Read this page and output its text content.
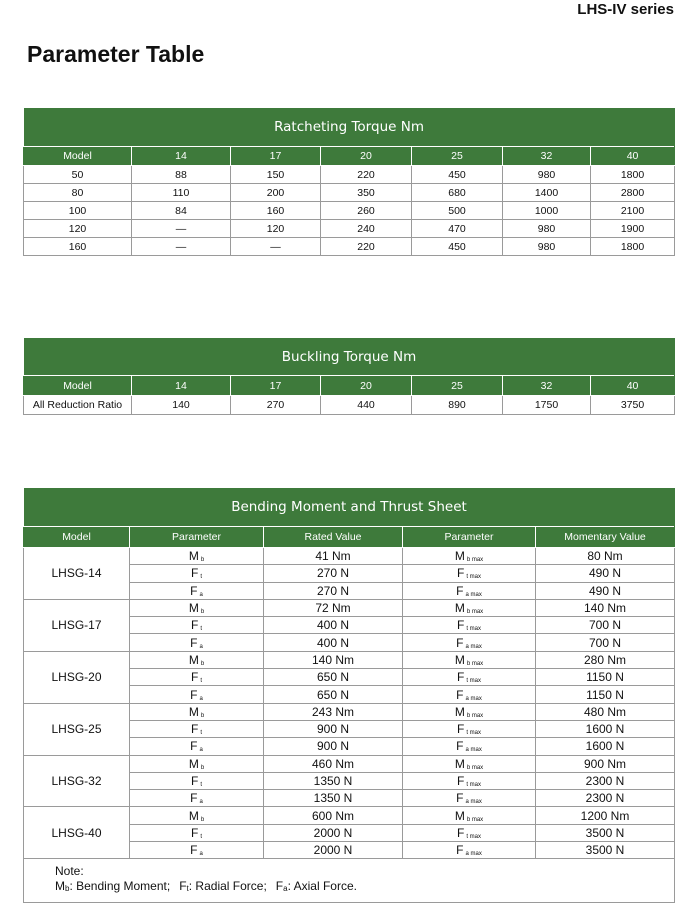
LHS-IV series
Parameter Table
Ratcheting Torque Nm						
Model	14	17	20	25	32	40
50	88	150	220	450	980	1800
80	110	200	350	680	1400	2800
100	84	160	260	500	1000	2100
120	—	120	240	470	980	1900
160	—	—	220	450	980	1800
Buckling Torque Nm						
Model	14	17	20	25	32	40
All Reduction Ratio	140	270	440	890	1750	3750
Bending Moment and Thrust Sheet				
Model	Parameter	Rated Value	Parameter	Momentary Value
LHSG-14	M $_b$	41 Nm	M $_{b max}$	80 Nm
	F $_t$	270 N	F $_{t max}$	490 N
	F $_a$	270 N	F $_{a max}$	490 N
LHSG-17	M $_b$	72 Nm	M $_{b max}$	140 Nm
	F $_t$	400 N	F $_{t max}$	700 N
	F $_a$	400 N	F $_{a max}$	700 N
LHSG-20	M $_b$	140 Nm	M $_{b max}$	280 Nm
	F $_t$	650 N	F $_{t max}$	1150 N
	F $_a$	650 N	F $_{a max}$	1150 N
LHSG-25	M $_b$	243 Nm	M $_{b max}$	480 Nm
	F $_t$	900 N	F $_{t max}$	1600 N
	F $_a$	900 N	F $_{a max}$	1600 N
LHSG-32	M $_b$	460 Nm	M $_{b max}$	900 Nm
	F $_t$	1350 N	F $_{t max}$	2300 N
	F $_a$	1350 N	F $_{a max}$	2300 N
LHSG-40	M $_b$	600 Nm	M $_{b max}$	1200 Nm
	F $_t$	2000 N	F $_{t max}$	3500 N
	F $_a$	2000 N	F $_{a max}$	3500 N

Note:
$M_b$: Bending Moment; $F_t$: Radial Force; $F_a$: Axial Force.				
